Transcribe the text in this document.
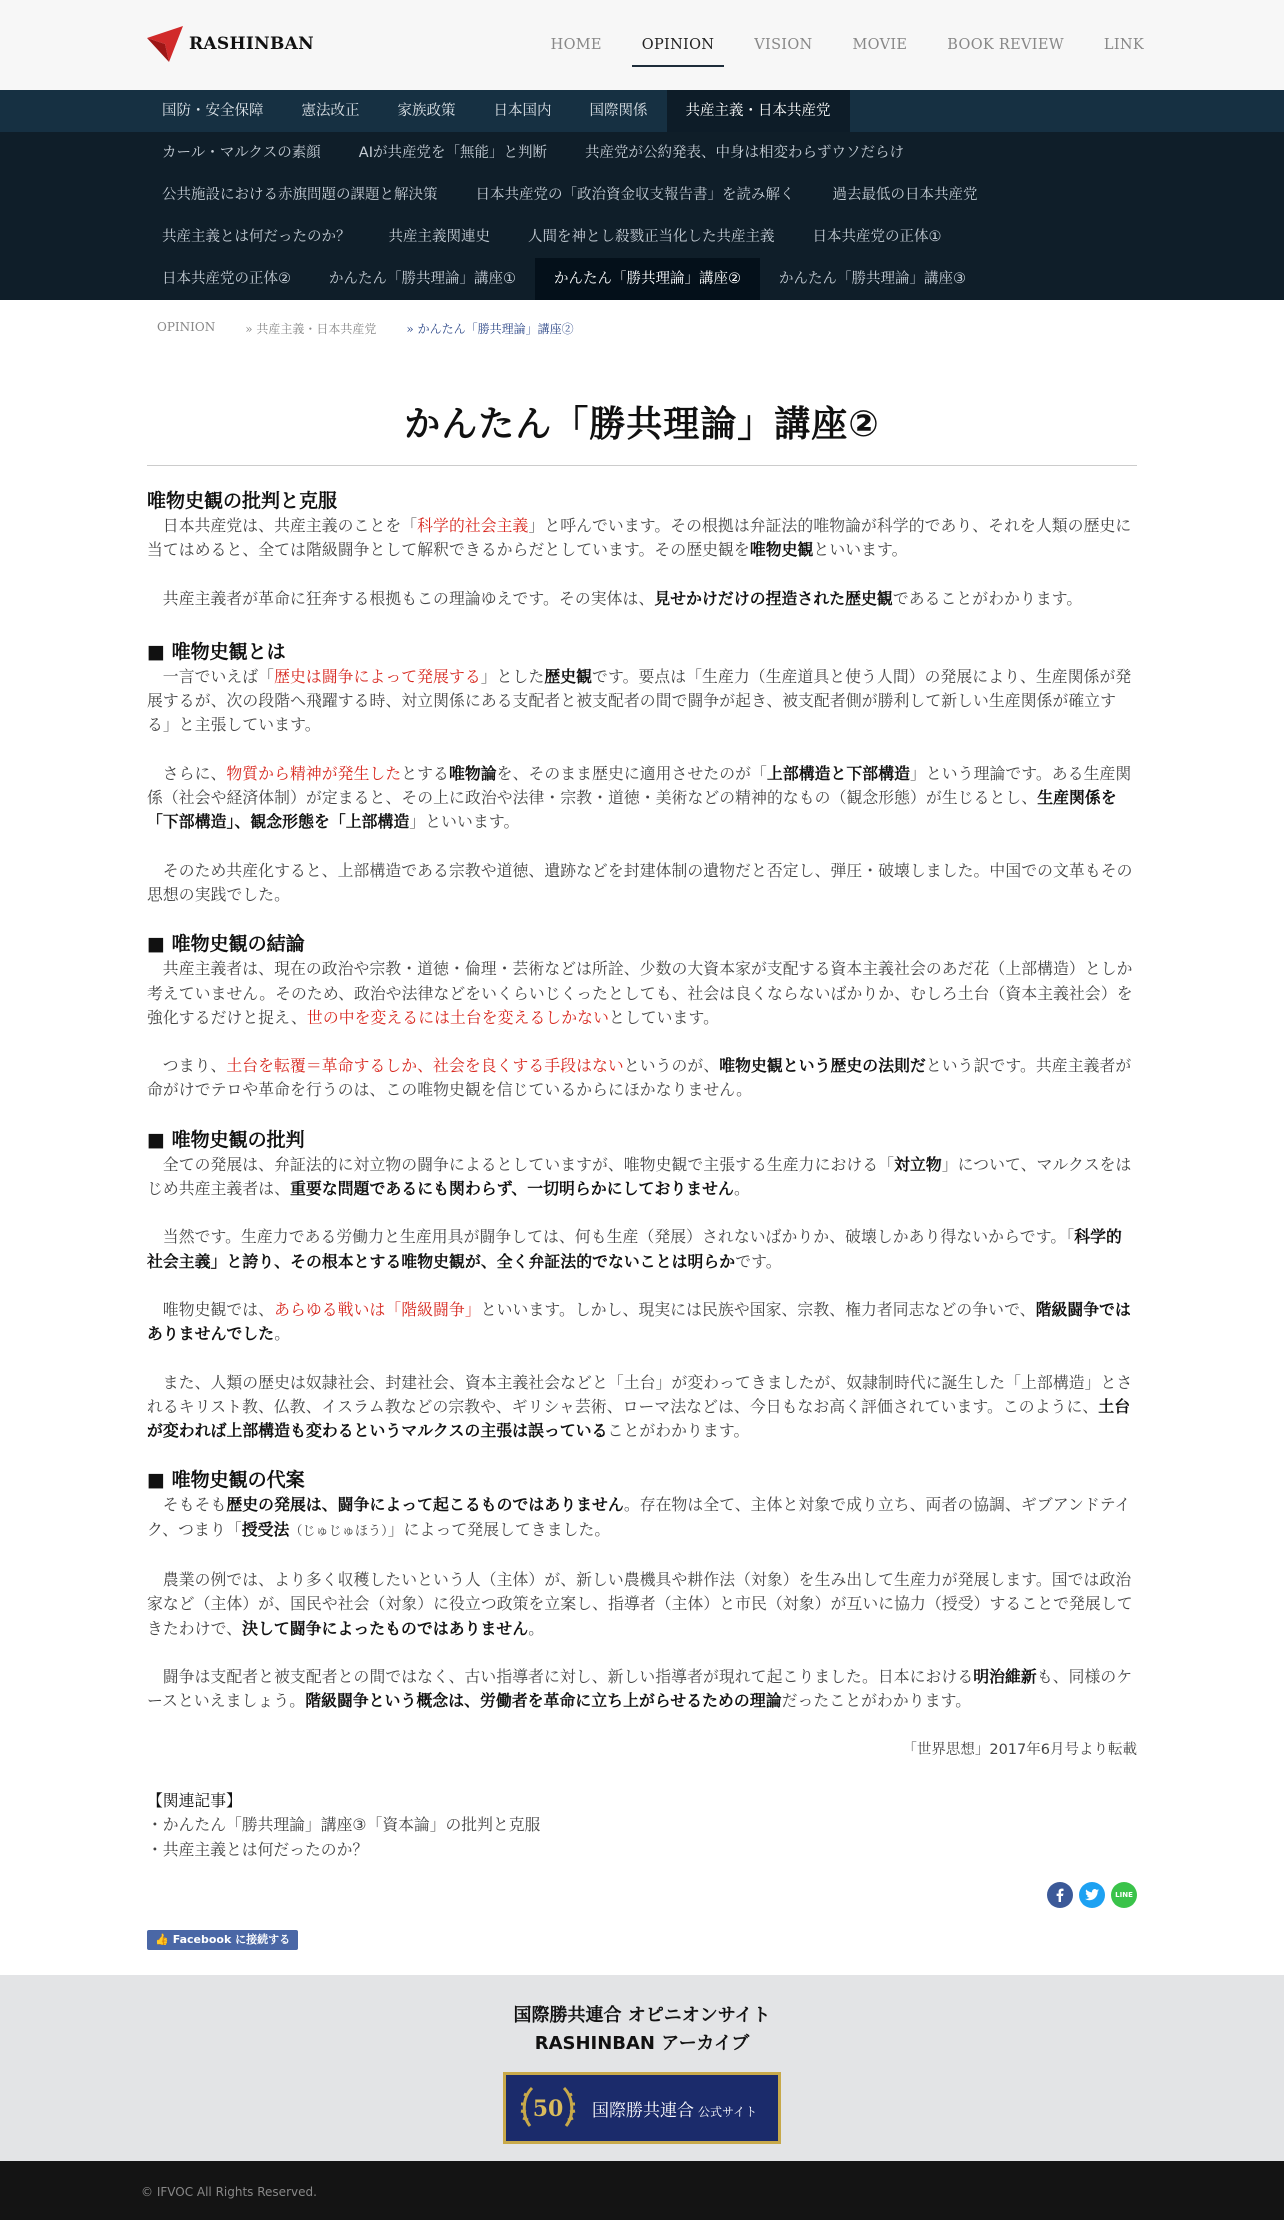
RASHINBAN	HOME	OPINION	VISION	MOVIE	BOOK REVIEW	LINK
国防・安全保障	憲法改正	家族政策	日本国内	国際関係	共産主義・日本共産党
カール・マルクスの素顔	AIが共産党を「無能」と判断	共産党が公約発表、中身は相変わらずウソだらけ
公共施設における赤旗問題の課題と解決策	日本共産党の「政治資金収支報告書」を読み解く	過去最低の日本共産党
共産主義とは何だったのか？	共産主義関連史	人間を神とし殺戮正当化した共産主義	日本共産党の正体①
日本共産党の正体②	かんたん「勝共理論」講座①	かんたん「勝共理論」講座②	かんたん「勝共理論」講座③
OPINION	» 共産主義・日本共産党	» かんたん「勝共理論」講座②
かんたん「勝共理論」講座②
唯物史観の批判と克服

日本共産党は、共産主義のことを「科学的社会主義」と呼んでいます。その根拠は弁証法的唯物論が科学的であり、それを人類の歴史に当てはめると、全ては階級闘争として解釈できるからだとしています。その歴史観を唯物史観といいます。

共産主義者が革命に狂奔する根拠もこの理論ゆえです。その実体は、見せかけだけの捏造された歴史観であることがわかります。

■ 唯物史観とは

一言でいえば「歴史は闘争によって発展する」とした歴史観です。要点は「生産力（生産道具と使う人間）の発展により、生産関係が発展するが、次の段階へ飛躍する時、対立関係にある支配者と被支配者の間で闘争が起き、被支配者側が勝利して新しい生産関係が確立する」と主張しています。

さらに、物質から精神が発生したとする唯物論を、そのまま歴史に適用させたのが「上部構造と下部構造」という理論です。ある生産関係（社会や経済体制）が定まると、その上に政治や法律・宗教・道徳・美術などの精神的なもの（観念形態）が生じるとし、生産関係を「下部構造」、観念形態を「上部構造」といいます。

そのため共産化すると、上部構造である宗教や道徳、遺跡などを封建体制の遺物だと否定し、弾圧・破壊しました。中国での文革もその思想の実践でした。

■ 唯物史観の結論

共産主義者は、現在の政治や宗教・道徳・倫理・芸術などは所詮、少数の大資本家が支配する資本主義社会のあだ花（上部構造）としか考えていません。そのため、政治や法律などをいくらいじくったとしても、社会は良くならないばかりか、むしろ土台（資本主義社会）を強化するだけと捉え、世の中を変えるには土台を変えるしかないとしています。

つまり、土台を転覆＝革命するしか、社会を良くする手段はないというのが、唯物史観という歴史の法則だという訳です。共産主義者が命がけでテロや革命を行うのは、この唯物史観を信じているからにほかなりません。

■ 唯物史観の批判

全ての発展は、弁証法的に対立物の闘争によるとしていますが、唯物史観で主張する生産力における「対立物」について、マルクスをはじめ共産主義者は、重要な問題であるにも関わらず、一切明らかにしておりません。

当然です。生産力である労働力と生産用具が闘争しては、何も生産（発展）されないばかりか、破壊しかあり得ないからです。「科学的社会主義」と誇り、その根本とする唯物史観が、全く弁証法的でないことは明らかです。

唯物史観では、あらゆる戦いは「階級闘争」といいます。しかし、現実には民族や国家、宗教、権力者同志などの争いで、階級闘争ではありませんでした。

また、人類の歴史は奴隷社会、封建社会、資本主義社会などと「土台」が変わってきましたが、奴隷制時代に誕生した「上部構造」とされるキリスト教、仏教、イスラム教などの宗教や、ギリシャ芸術、ローマ法などは、今日もなお高く評価されています。このように、土台が変われば上部構造も変わるというマルクスの主張は誤っていることがわかります。

■ 唯物史観の代案

そもそも歴史の発展は、闘争によって起こるものではありません。存在物は全て、主体と対象で成り立ち、両者の協調、ギブアンドテイク、つまり「授受法（じゅじゅほう）」によって発展してきました。

農業の例では、より多く収穫したいという人（主体）が、新しい農機具や耕作法（対象）を生み出して生産力が発展します。国では政治家など（主体）が、国民や社会（対象）に役立つ政策を立案し、指導者（主体）と市民（対象）が互いに協力（授受）することで発展してきたわけで、決して闘争によったものではありません。

闘争は支配者と被支配者との間ではなく、古い指導者に対し、新しい指導者が現れて起こりました。日本における明治維新も、同様のケースといえましょう。階級闘争という概念は、労働者を革命に立ち上がらせるための理論だったことがわかります。

「世界思想」2017年6月号より転載
【関連記事】
・かんたん「勝共理論」講座③「資本論」の批判と克服
・共産主義とは何だったのか？
LINE
👍 Facebook に接続する
国際勝共連合 オピニオンサイト
RASHINBAN アーカイブ
50 国際勝共連合 公式サイト
© IFVOC All Rights Reserved.
